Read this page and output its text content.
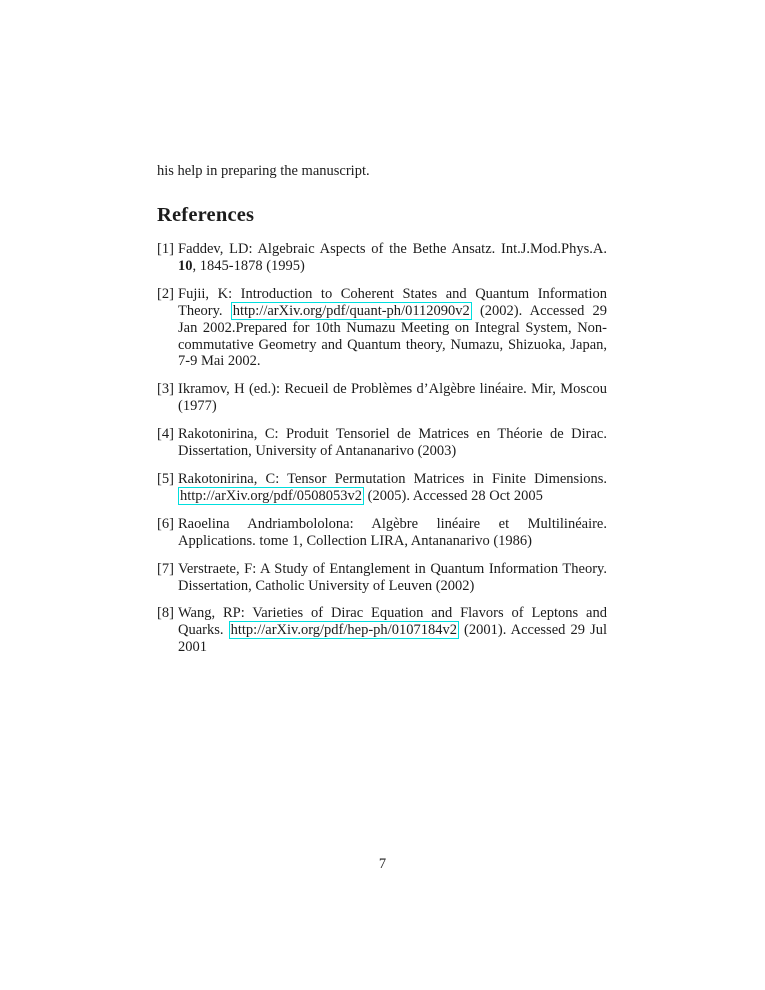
his help in preparing the manuscript.

References
[1] Faddev, LD: Algebraic Aspects of the Bethe Ansatz. Int.J.Mod.Phys.A. 10, 1845-1878 (1995)
[2] Fujii, K: Introduction to Coherent States and Quantum Information Theory. http://arXiv.org/pdf/quant-ph/0112090v2 (2002). Accessed 29 Jan 2002.Prepared for 10th Numazu Meeting on Integral System, Non-commutative Geometry and Quantum theory, Numazu, Shizuoka, Japan, 7-9 Mai 2002.
[3] Ikramov, H (ed.): Recueil de Problèmes d’Algèbre linéaire. Mir, Moscou (1977)
[4] Rakotonirina, C: Produit Tensoriel de Matrices en Théorie de Dirac. Dissertation, University of Antananarivo (2003)
[5] Rakotonirina, C: Tensor Permutation Matrices in Finite Dimensions. http://arXiv.org/pdf/0508053v2 (2005). Accessed 28 Oct 2005
[6] Raoelina Andriambololona: Algèbre linéaire et Multilinéaire. Applications. tome 1, Collection LIRA, Antananarivo (1986)
[7] Verstraete, F: A Study of Entanglement in Quantum Information Theory. Dissertation, Catholic University of Leuven (2002)
[8] Wang, RP: Varieties of Dirac Equation and Flavors of Leptons and Quarks. http://arXiv.org/pdf/hep-ph/0107184v2 (2001). Accessed 29 Jul 2001
7
